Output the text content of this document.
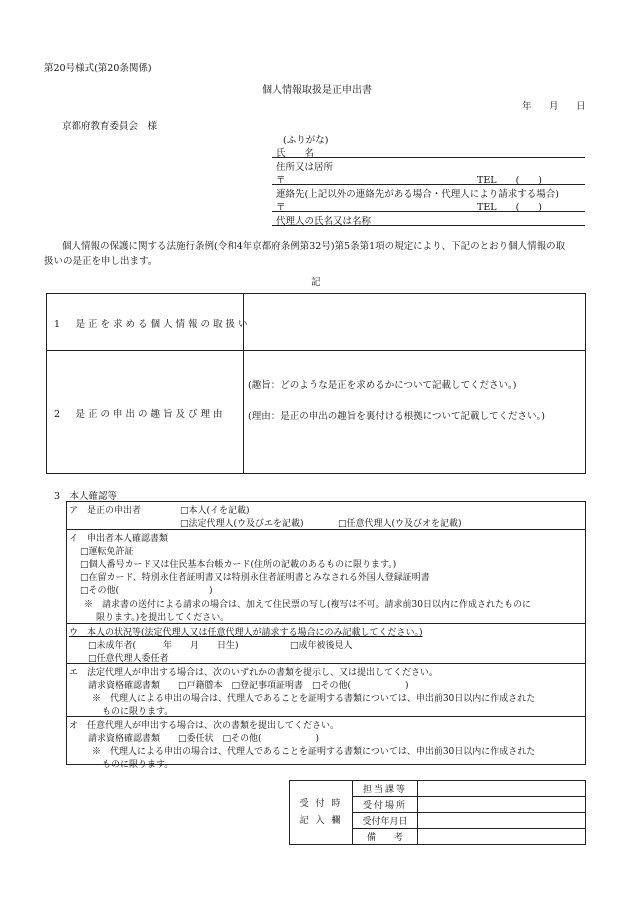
第20号様式(第20条関係)
個人情報取扱是正申出書
年　月　日
京都府教育委員会　様
(ふりがな)
氏　　名
住所又は居所
〒	TEL　　(　　)
連絡先(上記以外の連絡先がある場合・代理人により請求する場合)
〒	TEL　　(　　)
代理人の氏名又は名称
個人情報の保護に関する法施行条例(令和4年京都府条例第32号)第5条第1項の規定により、下記のとおり個人情報の取
扱いの是正を申し出ます。
記
1　是正を求める個人情報の取扱い
2　是正の申出の趣旨及び理由
(趣旨：どのような是正を求めるかについて記載してください。)
(理由：是正の申出の趣旨を裏付ける根拠について記載してください。)
3　本人確認等
ア　是正の申出者	□本人(イを記載)
□法定代理人(ウ及びエを記載)	□任意代理人(ウ及びオを記載)
イ　申出者本人確認書類
□運転免許証
□個人番号カード又は住民基本台帳カード(住所の記載のあるものに限ります。)
□在留カード、特別永住者証明書又は特別永住者証明書とみなされる外国人登録証明書
□その他(　　　　　　　　　　)
※　請求書の送付による請求の場合は、加えて住民票の写し(複写は不可。請求前30日以内に作成されたものに
限ります。)を提出してください。
ウ　本人の状況等(法定代理人又は任意代理人が請求する場合にのみ記載してください。)
□未成年者(　　　年　　月　　日生)	□成年被後見人
□任意代理人委任者
エ　法定代理人が申出する場合は、次のいずれかの書類を提示し、又は提出してください。
請求資格確認書類　　□戸籍謄本　□登記事項証明書　□その他(　　　　　　)
※　代理人による申出の場合は、代理人であることを証明する書類については、申出前30日以内に作成された
ものに限ります。
オ　任意代理人が申出する場合は、次の書類を提出してください。
請求資格確認書類　　□委任状　□その他(　　　　　　)
※　代理人による申出の場合は、代理人であることを証明する書類については、申出前30日以内に作成された
ものに限ります。
受 付 時
記 入 欄	担当課等	
	受付場所	
	受付年月日	
	備　　考	
